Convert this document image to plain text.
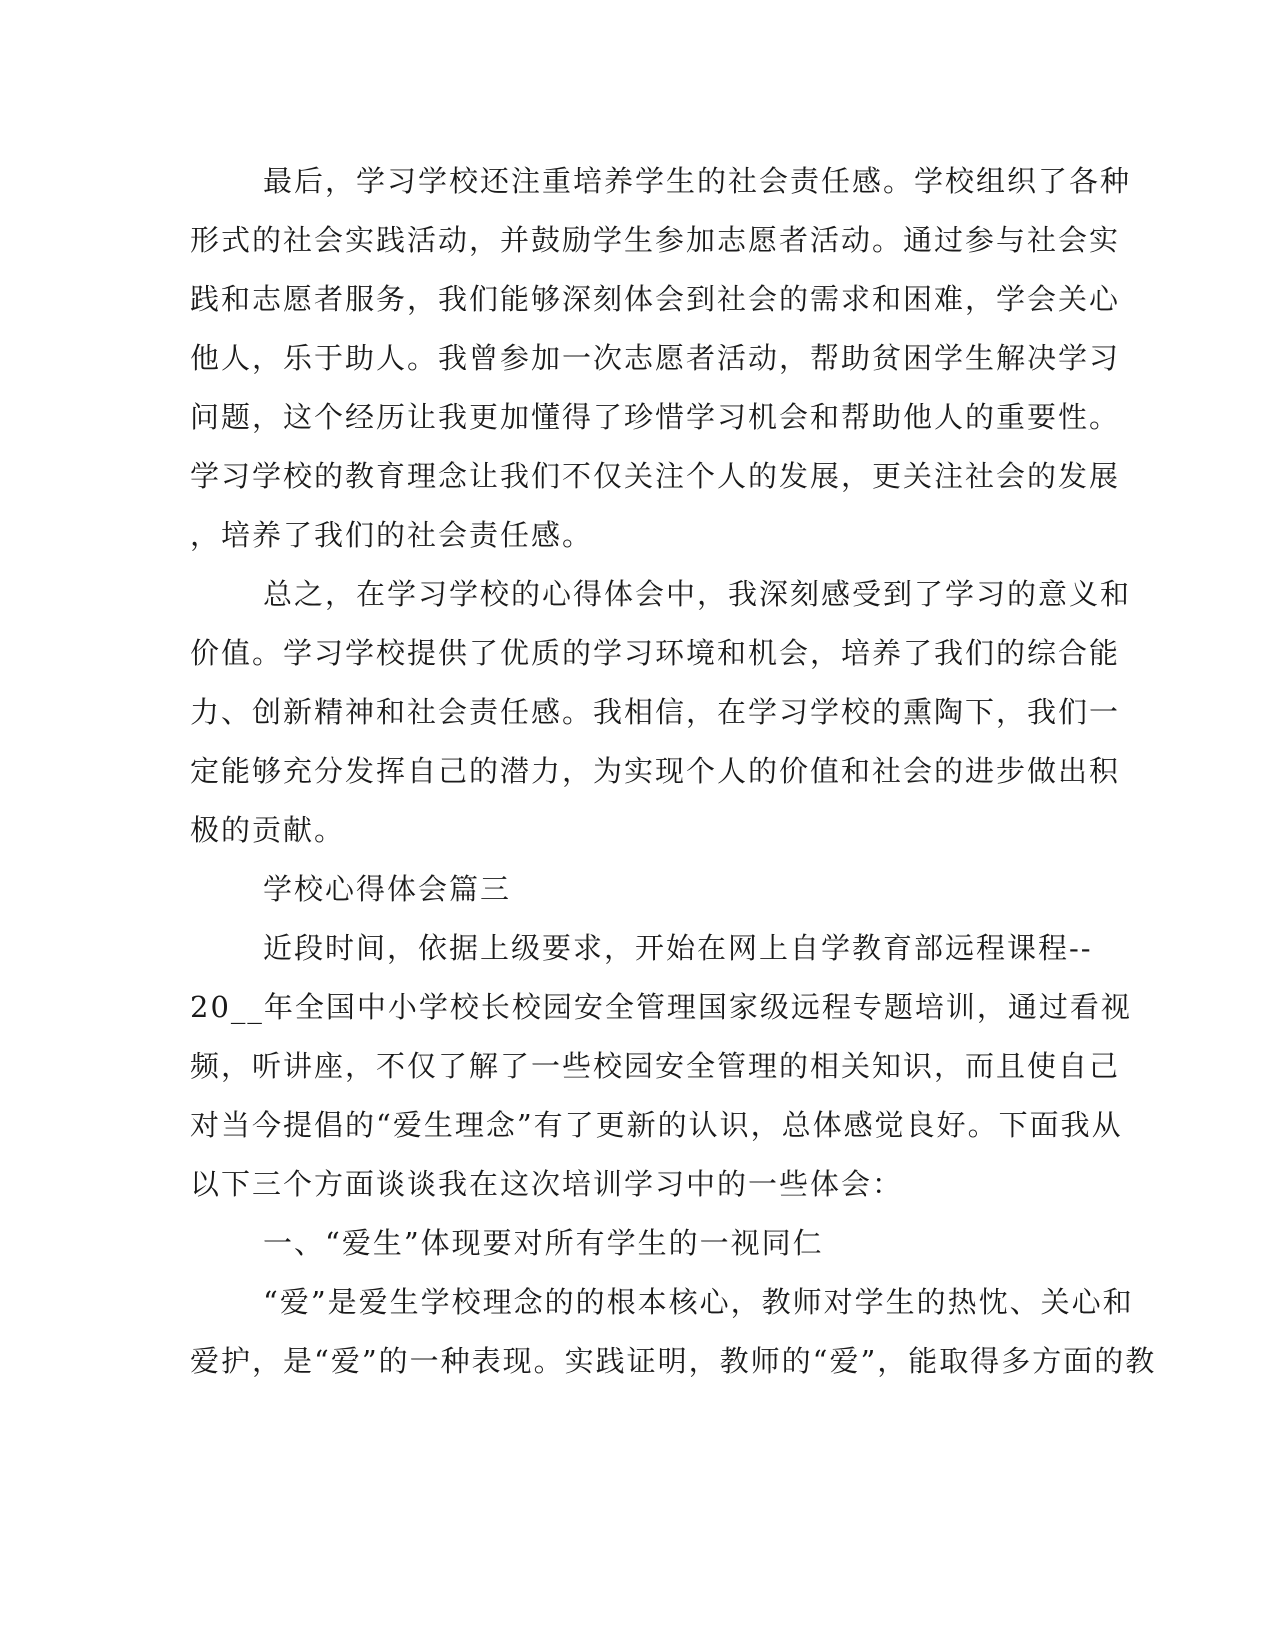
最后，学习学校还注重培养学生的社会责任感。学校组织了各种
形式的社会实践活动，并鼓励学生参加志愿者活动。通过参与社会实
践和志愿者服务，我们能够深刻体会到社会的需求和困难，学会关心
他人，乐于助人。我曾参加一次志愿者活动，帮助贫困学生解决学习
问题，这个经历让我更加懂得了珍惜学习机会和帮助他人的重要性。
学习学校的教育理念让我们不仅关注个人的发展，更关注社会的发展
，培养了我们的社会责任感。
总之，在学习学校的心得体会中，我深刻感受到了学习的意义和
价值。学习学校提供了优质的学习环境和机会，培养了我们的综合能
力、创新精神和社会责任感。我相信，在学习学校的熏陶下，我们一
定能够充分发挥自己的潜力，为实现个人的价值和社会的进步做出积
极的贡献。
学校心得体会篇三
近段时间，依据上级要求，开始在网上自学教育部远程课程--
20__年全国中小学校长校园安全管理国家级远程专题培训，通过看视
频，听讲座，不仅了解了一些校园安全管理的相关知识，而且使自己
对当今提倡的“爱生理念”有了更新的认识，总体感觉良好。下面我从
以下三个方面谈谈我在这次培训学习中的一些体会：
一、“爱生”体现要对所有学生的一视同仁
“爱”是爱生学校理念的的根本核心，教师对学生的热忱、关心和
爱护，是“爱”的一种表现。实践证明，教师的“爱”，能取得多方面的教
